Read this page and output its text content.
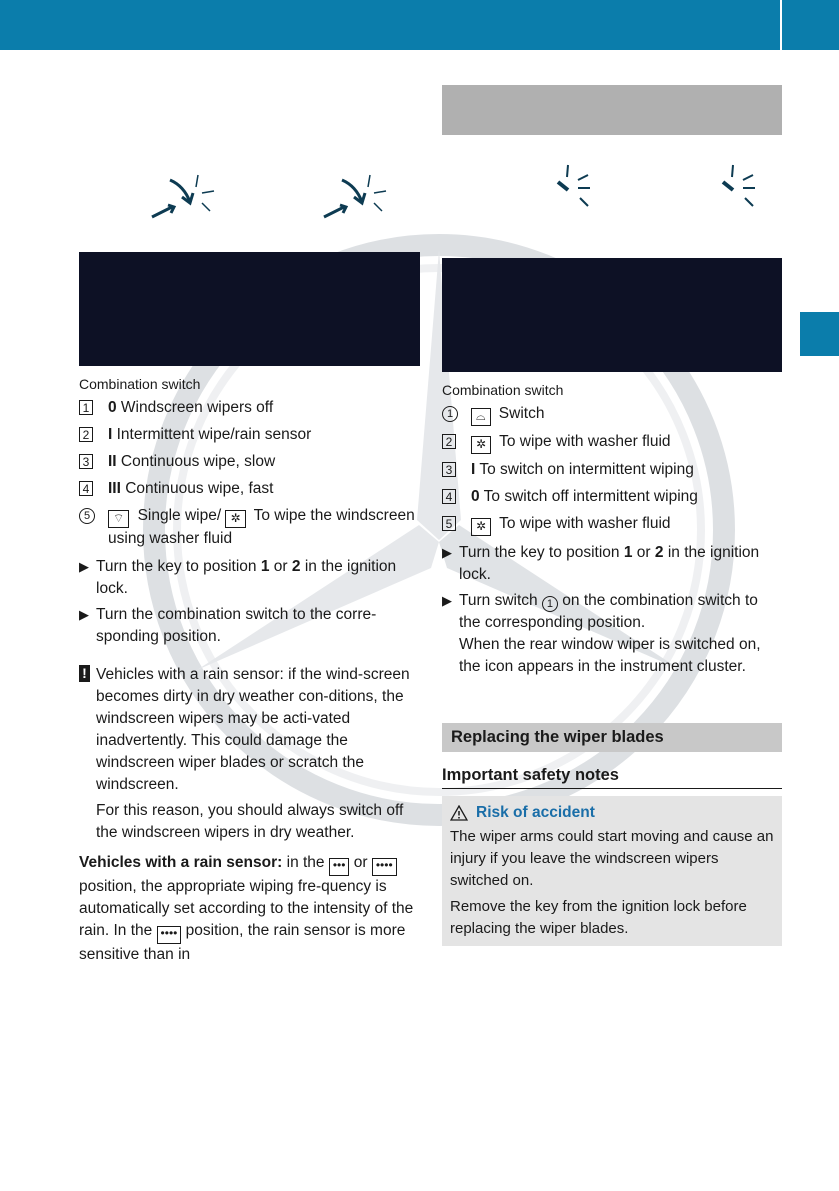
Combination switch

1 0 Windscreen wipers off

2 I Intermittent wipe/rain sensor

3 II Continuous wipe, slow

4 III Continuous wipe, fast

5	⌔ Single wipe/ ✲ To wipe the windscreen using washer fluid

▶ Turn the key to position 1 or 2 in the ignition lock.

▶ Turn the combination switch to the corre-sponding position.

! Vehicles with a rain sensor: if the wind-screen becomes dirty in dry weather con-ditions, the windscreen wipers may be acti-vated inadvertently. This could damage the windscreen wiper blades or scratch the windscreen.

For this reason, you should always switch off the windscreen wipers in dry weather.

Vehicles with a rain sensor: in the ••• or •••• position, the appropriate wiping fre-quency is automatically set according to the intensity of the rain. In the •••• position, the rain sensor is more sensitive than in

Combination switch

1	⌓ Switch

2	✲ To wipe with washer fluid

3 I To switch on intermittent wiping

4 0 To switch off intermittent wiping

5	✲ To wipe with washer fluid

▶ Turn the key to position 1 or 2 in the ignition lock.

▶ Turn switch 1 on the combination switch to the corresponding position.
When the rear window wiper is switched on, the icon appears in the instrument cluster.

Replacing the wiper blades
Important safety notes
Risk of accident

The wiper arms could start moving and cause an injury if you leave the windscreen wipers switched on.

Remove the key from the ignition lock before replacing the wiper blades.
